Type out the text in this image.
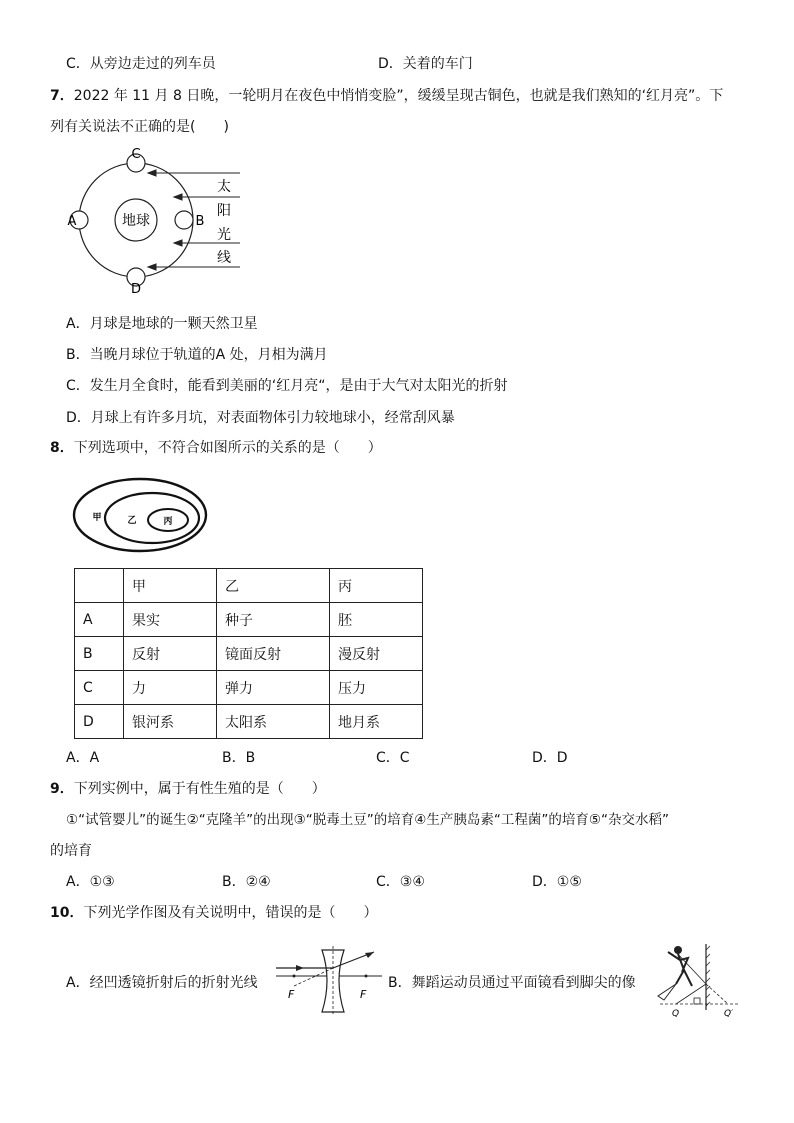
C．从旁边走过的列车员	D．关着的车门
7．2022 年 11 月 8 日晚，一轮明月在夜色中悄悄变脸”，缓缓呈现古铜色，也就是我们熟知的‘红月亮”。下
列有关说法不正确的是(　　)
地球
C
D
A	B
太
阳
光
线
A．月球是地球的一颗天然卫星
B．当晚月球位于轨道的A 处，月相为满月
C．发生月全食时，能看到美丽的‘红月亮“，是由于大气对太阳光的折射
D．月球上有许多月坑，对表面物体引力较地球小，经常刮风暴
8．下列选项中，不符合如图所示的关系的是（　　）
甲	乙	丙
	甲	乙	丙
A	果实	种子	胚
B	反射	镜面反射	漫反射
C	力	弹力	压力
D	银河系	太阳系	地月系
A．A	B．B	C．C	D．D
9．下列实例中，属于有性生殖的是（　　）
①“试管婴儿”的诞生②“克隆羊”的出现③“脱毒土豆”的培育④生产胰岛素“工程菌”的培育⑤“杂交水稻”
的培育
A．①③	B．②④	C．③④	D．①⑤
10．下列光学作图及有关说明中，错误的是（　　）
A．经凹透镜折射后的折射光线
F	F
B．舞蹈运动员通过平面镜看到脚尖的像
Q	Q′
